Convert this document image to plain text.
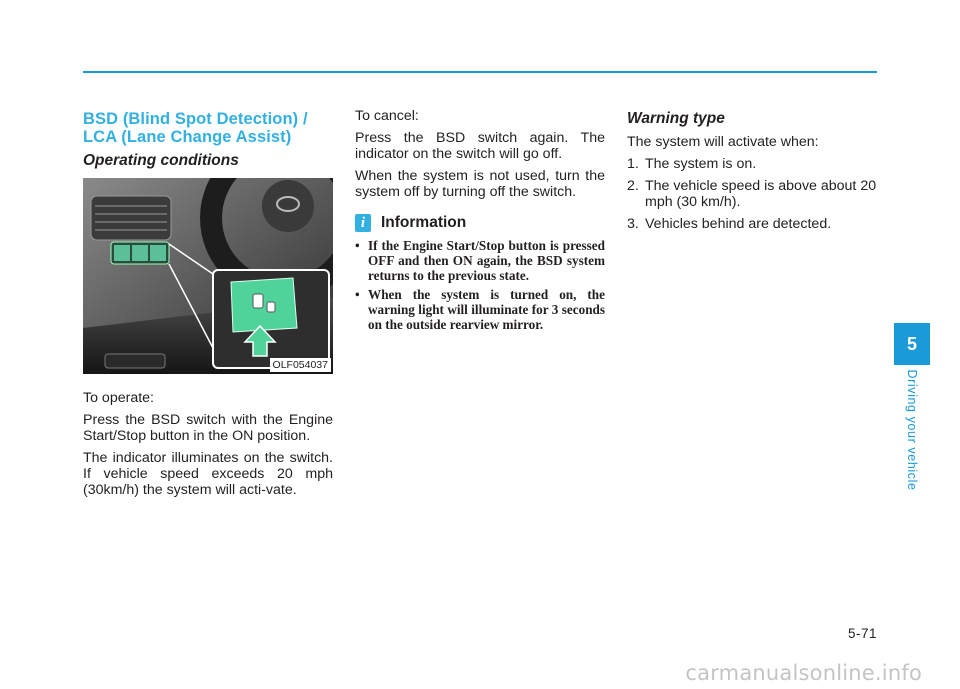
BSD (Blind Spot Detection) /
LCA (Lane Change Assist)
Operating conditions
OLF054037

To operate:

Press the BSD switch with the Engine Start/Stop button in the ON position.

The indicator illuminates on the switch. If vehicle speed exceeds 20 mph (30km/h) the system will acti-vate.

To cancel:

Press the BSD switch again. The indicator on the switch will go off.

When the system is not used, turn the system off by turning off the switch.

i	Information
• If the Engine Start/Stop button is pressed OFF and then ON again, the BSD system returns to the previous state.
• When the system is turned on, the warning light will illuminate for 3 seconds on the outside rearview mirror.
Warning type

The system will activate when:

1. The system is on.
2. The vehicle speed is above about 20 mph (30 km/h).
3. Vehicles behind are detected.
5
Driving your vehicle
5-71
carmanualsonline.info
